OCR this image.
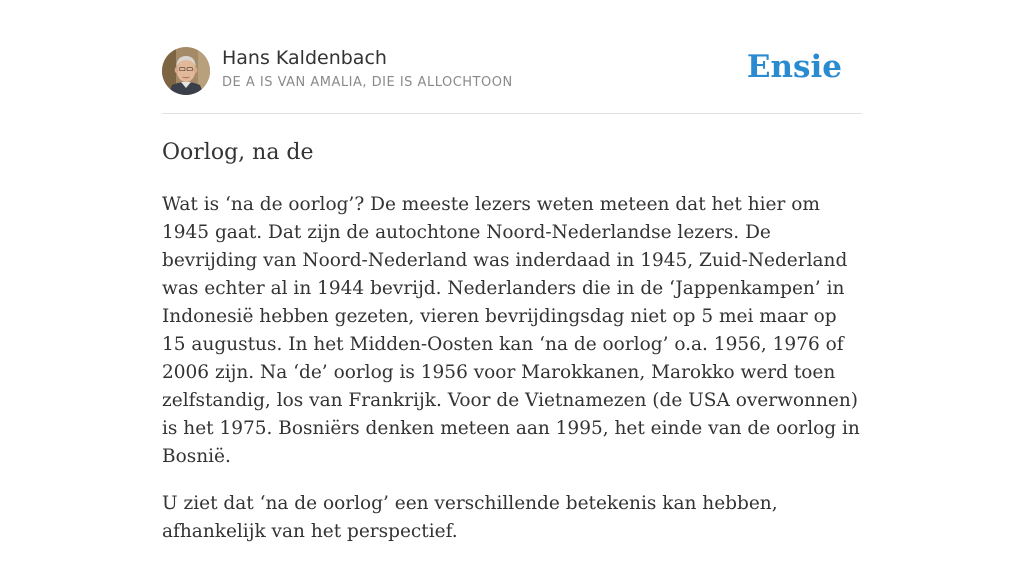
Hans Kaldenbach
DE A IS VAN AMALIA, DIE IS ALLOCHTOON	Ensie
Oorlog, na de

Wat is ‘na de oorlog’? De meeste lezers weten meteen dat het hier om 1945 gaat. Dat zijn de autochtone Noord-Nederlandse lezers. De bevrijding van Noord-Nederland was inderdaad in 1945, Zuid-Nederland was echter al in 1944 bevrijd. Nederlanders die in de ‘Jappenkampen’ in Indonesië hebben gezeten, vieren bevrijdingsdag niet op 5 mei maar op 15 augustus. In het Midden-Oosten kan ‘na de oorlog’ o.a. 1956, 1976 of 2006 zijn. Na ‘de’ oorlog is 1956 voor Marokkanen, Marokko werd toen zelfstandig, los van Frankrijk. Voor de Vietnamezen (de USA overwonnen) is het 1975. Bosniërs denken meteen aan 1995, het einde van de oorlog in Bosnië.

U ziet dat ‘na de oorlog’ een verschillende betekenis kan hebben, afhankelijk van het perspectief.
